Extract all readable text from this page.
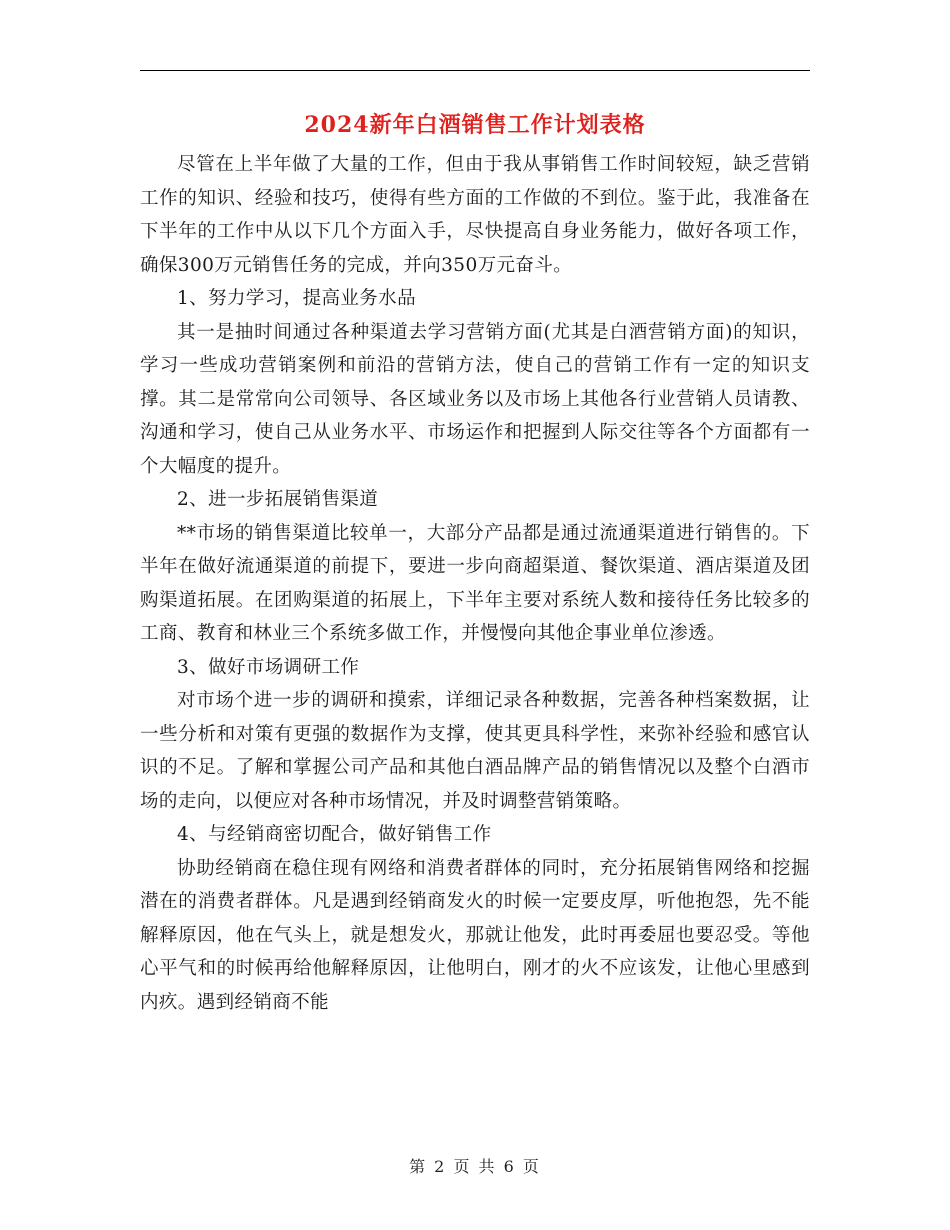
2024新年白酒销售工作计划表格

尽管在上半年做了大量的工作，但由于我从事销售工作时间较短，缺乏营销工作的知识、经验和技巧，使得有些方面的工作做的不到位。鉴于此，我准备在下半年的工作中从以下几个方面入手，尽快提高自身业务能力，做好各项工作，确保300万元销售任务的完成，并向350万元奋斗。

1、努力学习，提高业务水品

其一是抽时间通过各种渠道去学习营销方面(尤其是白酒营销方面)的知识，学习一些成功营销案例和前沿的营销方法，使自己的营销工作有一定的知识支撑。其二是常常向公司领导、各区域业务以及市场上其他各行业营销人员请教、沟通和学习，使自己从业务水平、市场运作和把握到人际交往等各个方面都有一个大幅度的提升。

2、进一步拓展销售渠道

**市场的销售渠道比较单一，大部分产品都是通过流通渠道进行销售的。下半年在做好流通渠道的前提下，要进一步向商超渠道、餐饮渠道、酒店渠道及团购渠道拓展。在团购渠道的拓展上，下半年主要对系统人数和接待任务比较多的工商、教育和林业三个系统多做工作，并慢慢向其他企事业单位渗透。

3、做好市场调研工作

对市场个进一步的调研和摸索，详细记录各种数据，完善各种档案数据，让一些分析和对策有更强的数据作为支撑，使其更具科学性，来弥补经验和感官认识的不足。了解和掌握公司产品和其他白酒品牌产品的销售情况以及整个白酒市场的走向，以便应对各种市场情况，并及时调整营销策略。

4、与经销商密切配合，做好销售工作

协助经销商在稳住现有网络和消费者群体的同时，充分拓展销售网络和挖掘潜在的消费者群体。凡是遇到经销商发火的时候一定要皮厚，听他抱怨，先不能解释原因，他在气头上，就是想发火，那就让他发，此时再委屈也要忍受。等他心平气和的时候再给他解释原因，让他明白，刚才的火不应该发，让他心里感到内疚。遇到经销商不能

第 2 页 共 6 页
